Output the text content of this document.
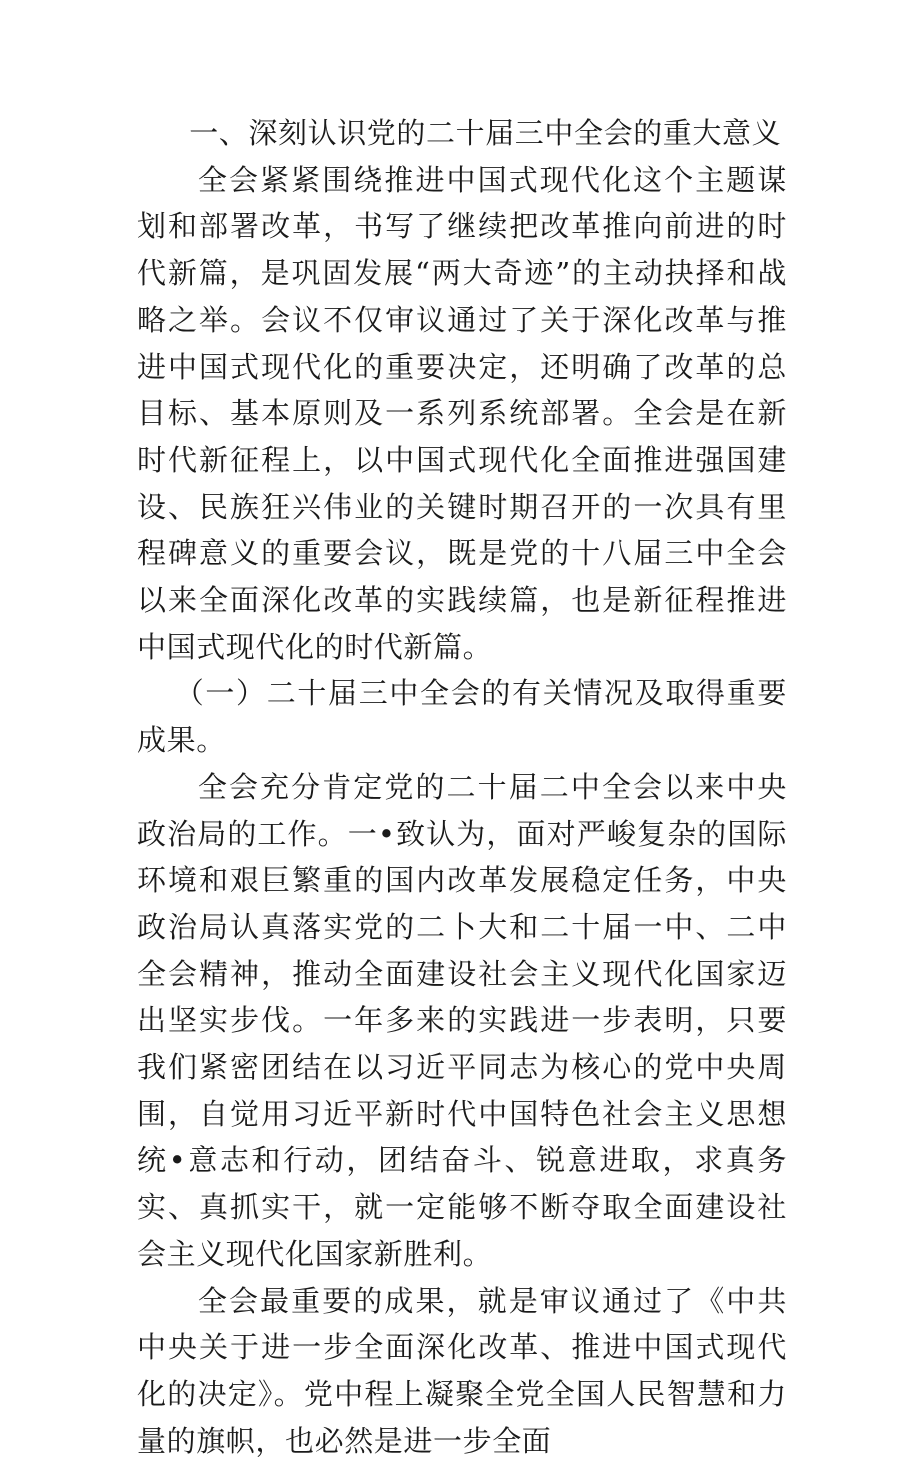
一、深刻认识党的二十届三中全会的重大意义

全会紧紧围绕推进中国式现代化这个主题谋划和部署改革，书写了继续把改革推向前进的时代新篇，是巩固发展“两大奇迹”的主动抉择和战略之举。会议不仅审议通过了关于深化改革与推进中国式现代化的重要决定，还明确了改革的总目标、基本原则及一系列系统部署。全会是在新时代新征程上，以中国式现代化全面推进强国建设、民族狂兴伟业的关键时期召开的一次具有里程碑意义的重要会议，既是党的十八届三中全会以来全面深化改革的实践续篇，也是新征程推进中国式现代化的时代新篇。

（一）二十届三中全会的有关情况及取得重要成果。

全会充分肯定党的二十届二中全会以来中央政治局的工作。一•致认为，面对严峻复杂的国际环境和艰巨繁重的国内改革发展稳定任务，中央政治局认真落实党的二卜大和二十届一中、二中全会精神，推动全面建设社会主义现代化国家迈出坚实步伐。一年多来的实践进一步表明，只要我们紧密团结在以习近平同志为核心的党中央周围，自觉用习近平新时代中国特色社会主义思想统•意志和行动，团结奋斗、锐意进取，求真务实、真抓实干，就一定能够不断夺取全面建设社会主义现代化国家新胜利。

全会最重要的成果，就是审议通过了《中共中央关于进一步全面深化改革、推进中国式现代化的决定》。党中程上凝聚全党全国人民智慧和力量的旗帜，也必然是进一步全面
